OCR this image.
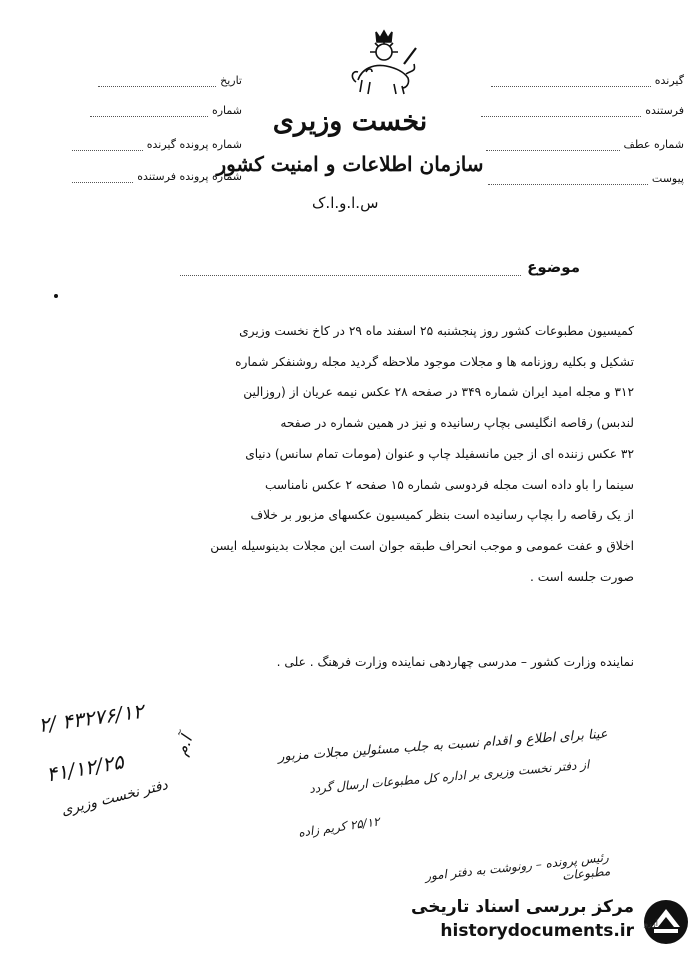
نخست وزیری
سازمان اطلاعات و امنیت کشور
س.ا.و.ا.ک
تاریخ
شماره
شماره پرونده گیرنده
شماره پرونده فرستنده
گیرنده
فرستنده
شماره عطف
پیوست
موضوع

کمیسیون مطبوعات کشور روز پنجشنبه ۲۵ اسفند ماه ۲۹ در کاخ نخست وزیری

تشکیل و بکلیه روزنامه ها و مجلات موجود ملاحظه گردید مجله روشنفکر شماره

۳۱۲ و مجله امید ایران شماره ۳۴۹ در صفحه ۲۸ عکس نیمه عریان از (روزالین

لندبس) رقاصه انگلیسی بچاپ رسانیده و نیز در همین شماره در صفحه

۳۲ عکس زننده ای از جین مانسفیلد چاپ و عنوان (مومات تمام سانس) دنیای

سینما را باو داده است مجله فردوسی شماره ۱۵ صفحه ۲ عکس نامناسب

از یک رقاصه را بچاپ رسانیده است بنظر کمیسیون عکسهای مزبور بر خلاف

اخلاق و عفت عمومی و موجب انحراف طبقه جوان است این مجلات بدینوسیله ایسن

صورت جلسه است .

نماینده وزارت کشور – مدرسی چهاردهی نماینده وزارت فرهنگ . علی .
عینا برای اطلاع و اقدام نسبت به جلب مسئولین مجلات مزبور
از دفتر نخست وزیری بر اداره کل مطبوعات ارسال گردد
۲۵/۱۲ کریم زاده
رئیس پرونده – رونوشت به دفتر امور مطبوعات
۲/ ۴۳۲۷۶/۱۲
۴۱/۱۲/۲۵
دفتر نخست وزیری
آ.م
مرکز بررسی اسناد تاریخی
historydocuments.ir آرزو
